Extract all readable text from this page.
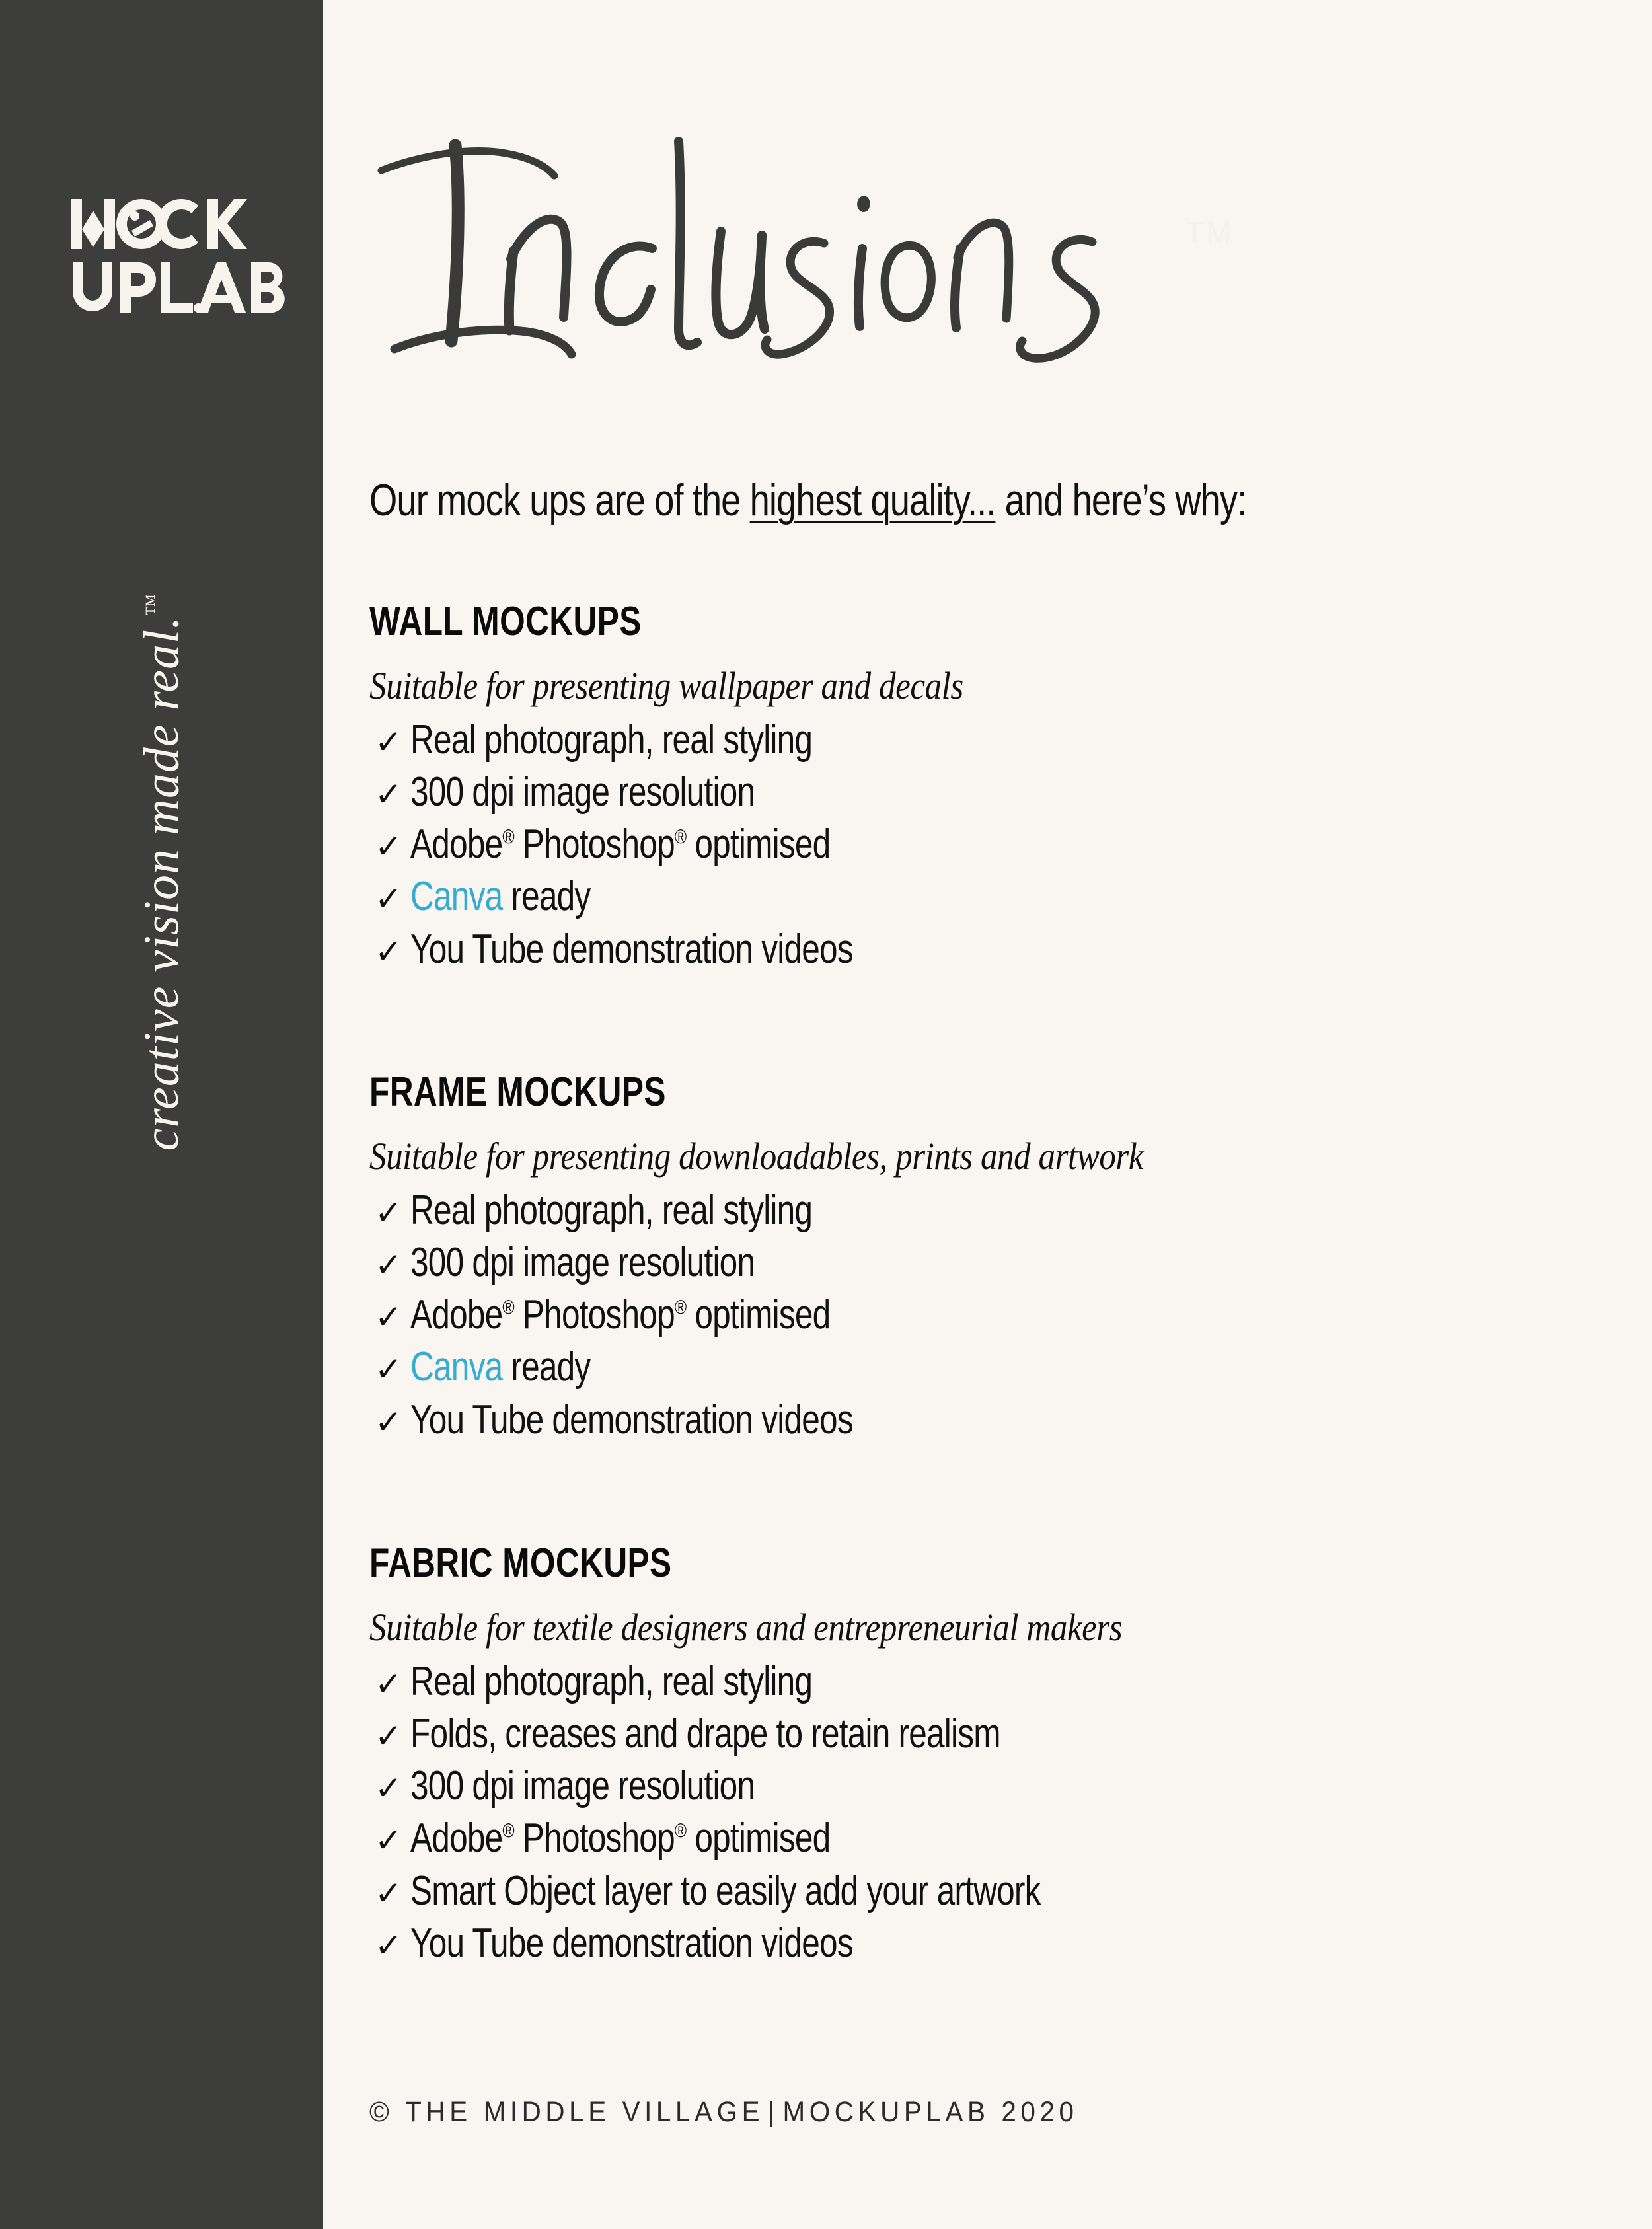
creative vision made real.™
TM
Our mock ups are of the highest quality... and here’s why:
WALL MOCKUPS
Suitable for presenting wallpaper and decals
✓ Real photograph, real styling
✓ 300 dpi image resolution
✓ Adobe® Photoshop® optimised
✓ Canva ready
✓ You Tube demonstration videos
FRAME MOCKUPS
Suitable for presenting downloadables, prints and artwork
✓ Real photograph, real styling
✓ 300 dpi image resolution
✓ Adobe® Photoshop® optimised
✓ Canva ready
✓ You Tube demonstration videos
FABRIC MOCKUPS
Suitable for textile designers and entrepreneurial makers
✓ Real photograph, real styling
✓ Folds, creases and drape to retain realism
✓ 300 dpi image resolution
✓ Adobe® Photoshop® optimised
✓ Smart Object layer to easily add your artwork
✓ You Tube demonstration videos
© THE MIDDLE VILLAGE | MOCKUPLAB 2020
